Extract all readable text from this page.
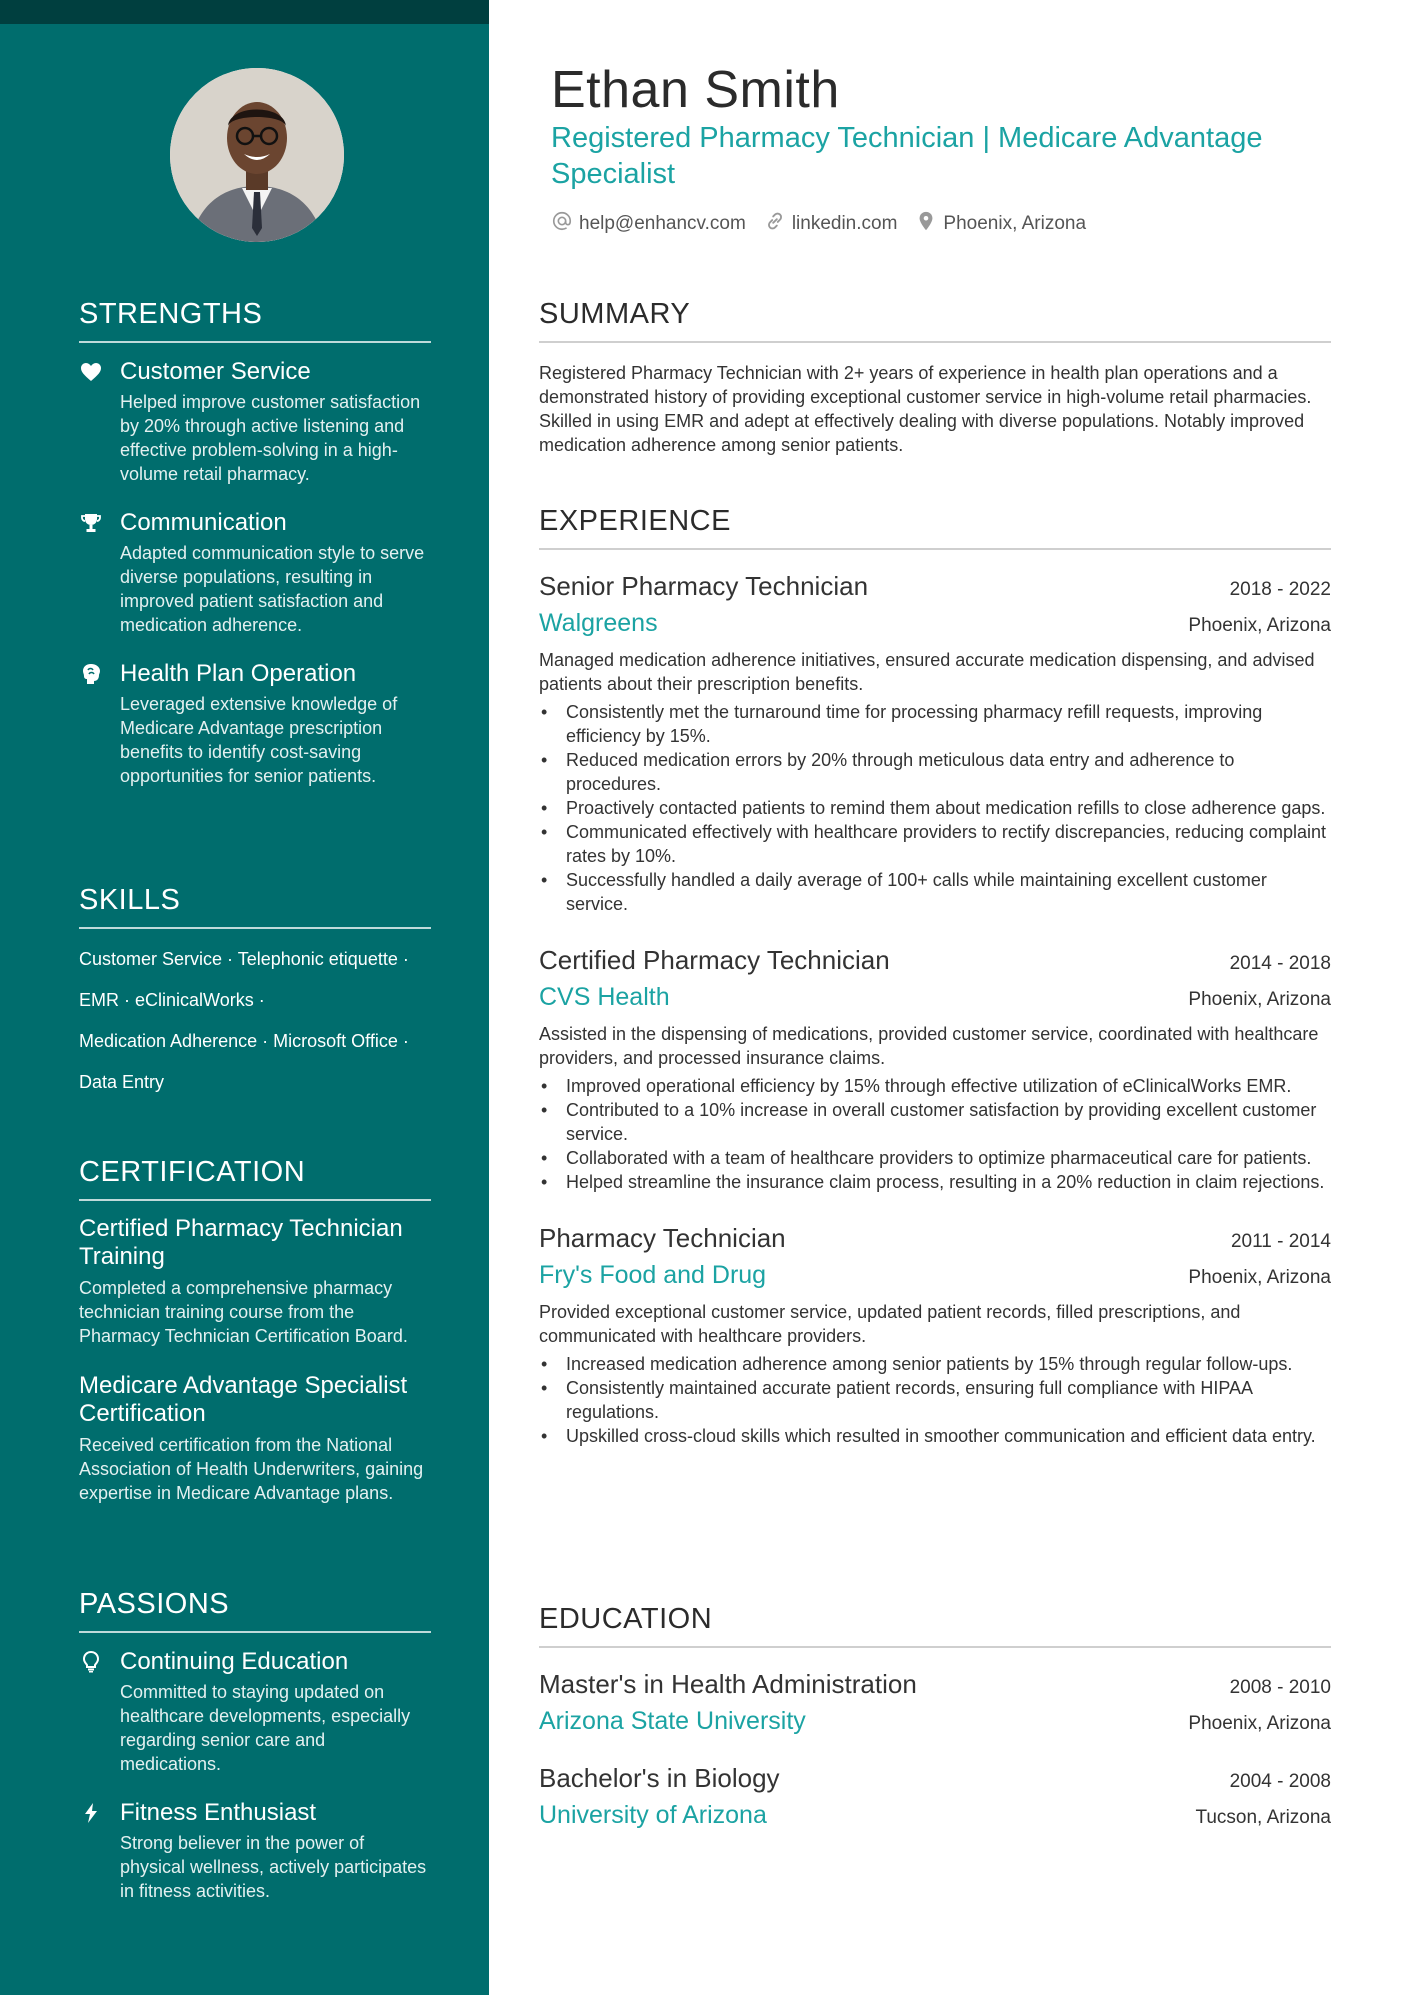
STRENGTHS
Customer Service
Helped improve customer satisfaction by 20% through active listening and effective problem-solving in a high-volume retail pharmacy.
Communication
Adapted communication style to serve diverse populations, resulting in improved patient satisfaction and medication adherence.
Health Plan Operation
Leveraged extensive knowledge of Medicare Advantage prescription benefits to identify cost-saving opportunities for senior patients.
SKILLS
Customer Service · Telephonic etiquette ·
EMR · eClinicalWorks ·
Medication Adherence · Microsoft Office ·
Data Entry
CERTIFICATION
Certified Pharmacy Technician Training
Completed a comprehensive pharmacy technician training course from the Pharmacy Technician Certification Board.
Medicare Advantage Specialist Certification
Received certification from the National Association of Health Underwriters, gaining expertise in Medicare Advantage plans.
PASSIONS
Continuing Education
Committed to staying updated on healthcare developments, especially regarding senior care and medications.
Fitness Enthusiast
Strong believer in the power of physical wellness, actively participates in fitness activities.
Ethan Smith
Registered Pharmacy Technician | Medicare Advantage Specialist
help@enhancv.com linkedin.com Phoenix, Arizona
SUMMARY

Registered Pharmacy Technician with 2+ years of experience in health plan operations and a demonstrated history of providing exceptional customer service in high-volume retail pharmacies. Skilled in using EMR and adept at effectively dealing with diverse populations. Notably improved medication adherence among senior patients.

EXPERIENCE
Senior Pharmacy Technician	2018 - 2022
Walgreens	Phoenix, Arizona

Managed medication adherence initiatives, ensured accurate medication dispensing, and advised patients about their prescription benefits.

• Consistently met the turnaround time for processing pharmacy refill requests, improving efficiency by 15%.
• Reduced medication errors by 20% through meticulous data entry and adherence to procedures.
• Proactively contacted patients to remind them about medication refills to close adherence gaps.
• Communicated effectively with healthcare providers to rectify discrepancies, reducing complaint rates by 10%.
• Successfully handled a daily average of 100+ calls while maintaining excellent customer service.
Certified Pharmacy Technician	2014 - 2018
CVS Health	Phoenix, Arizona

Assisted in the dispensing of medications, provided customer service, coordinated with healthcare providers, and processed insurance claims.

• Improved operational efficiency by 15% through effective utilization of eClinicalWorks EMR.
• Contributed to a 10% increase in overall customer satisfaction by providing excellent customer service.
• Collaborated with a team of healthcare providers to optimize pharmaceutical care for patients.
• Helped streamline the insurance claim process, resulting in a 20% reduction in claim rejections.
Pharmacy Technician	2011 - 2014
Fry's Food and Drug	Phoenix, Arizona

Provided exceptional customer service, updated patient records, filled prescriptions, and communicated with healthcare providers.

• Increased medication adherence among senior patients by 15% through regular follow-ups.
• Consistently maintained accurate patient records, ensuring full compliance with HIPAA regulations.
• Upskilled cross-cloud skills which resulted in smoother communication and efficient data entry.
EDUCATION
Master's in Health Administration	2008 - 2010
Arizona State University	Phoenix, Arizona
Bachelor's in Biology	2004 - 2008
University of Arizona	Tucson, Arizona
